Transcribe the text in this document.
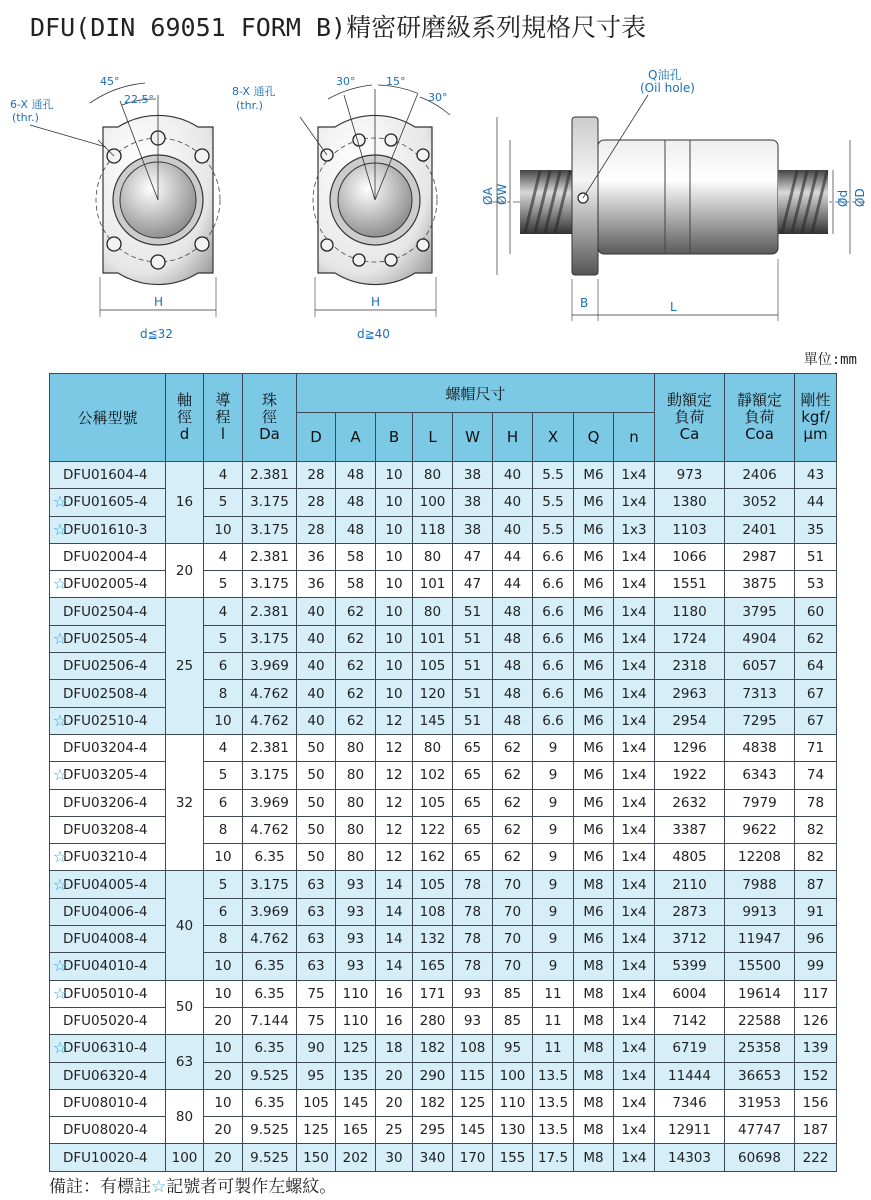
DFU(DIN 69051 FORM B)精密研磨級系列規格尺寸表
45°
22.5°
6-X 通孔
(thr.)
H
d≦32
30°	15°
30°
8-X 通孔
(thr.)
H
d≧40
Q油孔
(Oil hole)
ØA ØW	Ød ØD
B	L
單位:mm
公稱型號	軸
徑
d	導
程
l	珠
徑
Da	螺帽尺寸									動額定
負荷
Ca	靜額定
負荷
Coa	剛性
kgf/
μm

				D	A	B	L	W	H	X	Q	n			
DFU01604-4	16	4	2.381	28	48	10	80	38	40	5.5	M6	1x4	973	2406	43
DFU01605-4		5	3.175	28	48	10	100	38	40	5.5	M6	1x4	1380	3052	44
DFU01610-3		10	3.175	28	48	10	118	38	40	5.5	M6	1x3	1103	2401	35
DFU02004-4	20	4	2.381	36	58	10	80	47	44	6.6	M6	1x4	1066	2987	51
DFU02005-4		5	3.175	36	58	10	101	47	44	6.6	M6	1x4	1551	3875	53
DFU02504-4	25	4	2.381	40	62	10	80	51	48	6.6	M6	1x4	1180	3795	60
DFU02505-4		5	3.175	40	62	10	101	51	48	6.6	M6	1x4	1724	4904	62
DFU02506-4		6	3.969	40	62	10	105	51	48	6.6	M6	1x4	2318	6057	64
DFU02508-4		8	4.762	40	62	10	120	51	48	6.6	M6	1x4	2963	7313	67
DFU02510-4		10	4.762	40	62	12	145	51	48	6.6	M6	1x4	2954	7295	67
DFU03204-4	32	4	2.381	50	80	12	80	65	62	9	M6	1x4	1296	4838	71
DFU03205-4		5	3.175	50	80	12	102	65	62	9	M6	1x4	1922	6343	74
DFU03206-4		6	3.969	50	80	12	105	65	62	9	M6	1x4	2632	7979	78
DFU03208-4		8	4.762	50	80	12	122	65	62	9	M6	1x4	3387	9622	82
DFU03210-4		10	6.35	50	80	12	162	65	62	9	M6	1x4	4805	12208	82
DFU04005-4	40	5	3.175	63	93	14	105	78	70	9	M8	1x4	2110	7988	87
DFU04006-4		6	3.969	63	93	14	108	78	70	9	M6	1x4	2873	9913	91
DFU04008-4		8	4.762	63	93	14	132	78	70	9	M6	1x4	3712	11947	96
DFU04010-4		10	6.35	63	93	14	165	78	70	9	M8	1x4	5399	15500	99
DFU05010-4	50	10	6.35	75	110	16	171	93	85	11	M8	1x4	6004	19614	117
DFU05020-4		20	7.144	75	110	16	280	93	85	11	M8	1x4	7142	22588	126
DFU06310-4	63	10	6.35	90	125	18	182	108	95	11	M8	1x4	6719	25358	139
DFU06320-4		20	9.525	95	135	20	290	115	100	13.5	M8	1x4	11444	36653	152
DFU08010-4	80	10	6.35	105	145	20	182	125	110	13.5	M8	1x4	7346	31953	156
DFU08020-4		20	9.525	125	165	25	295	145	130	13.5	M8	1x4	12911	47747	187
DFU10020-4	100	20	9.525	150	202	30	340	170	155	17.5	M8	1x4	14303	60698	222
☆
☆
☆
☆
☆
☆
☆
☆
☆
☆
☆
備註：有標註☆記號者可製作左螺紋。
